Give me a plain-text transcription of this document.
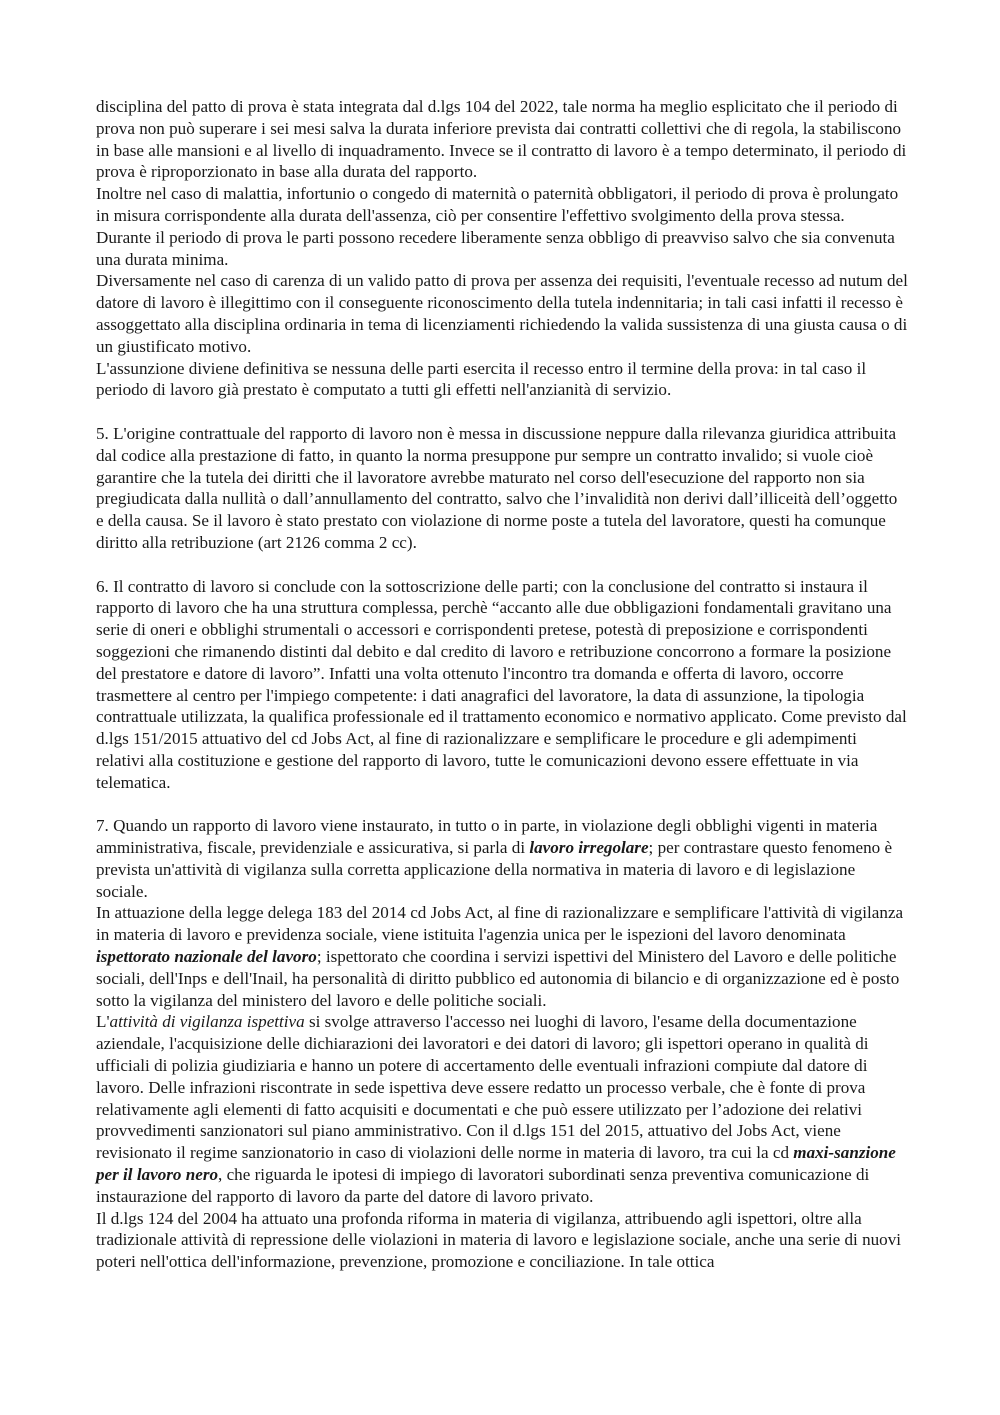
disciplina del patto di prova è stata integrata dal d.lgs 104 del 2022, tale norma ha meglio esplicitato che il periodo di prova non può superare i sei mesi salva la durata inferiore prevista dai contratti collettivi che di regola, la stabiliscono in base alle mansioni e al livello di inquadramento. Invece se il contratto di lavoro è a tempo determinato, il periodo di prova è riproporzionato in base alla durata del rapporto.

Inoltre nel caso di malattia, infortunio o congedo di maternità o paternità obbligatori, il periodo di prova è prolungato in misura corrispondente alla durata dell'assenza, ciò per consentire l'effettivo svolgimento della prova stessa.

Durante il periodo di prova le parti possono recedere liberamente senza obbligo di preavviso salvo che sia convenuta una durata minima.

Diversamente nel caso di carenza di un valido patto di prova per assenza dei requisiti, l'eventuale recesso ad nutum del datore di lavoro è illegittimo con il conseguente riconoscimento della tutela indennitaria; in tali casi infatti il recesso è assoggettato alla disciplina ordinaria in tema di licenziamenti richiedendo la valida sussistenza di una giusta causa o di un giustificato motivo.

L'assunzione diviene definitiva se nessuna delle parti esercita il recesso entro il termine della prova: in tal caso il periodo di lavoro già prestato è computato a tutti gli effetti nell'anzianità di servizio.

5. L'origine contrattuale del rapporto di lavoro non è messa in discussione neppure dalla rilevanza giuridica attribuita dal codice alla prestazione di fatto, in quanto la norma presuppone pur sempre un contratto invalido; si vuole cioè garantire che la tutela dei diritti che il lavoratore avrebbe maturato nel corso dell'esecuzione del rapporto non sia pregiudicata dalla nullità o dall’annullamento del contratto, salvo che l’invalidità non derivi dall’illiceità dell’oggetto e della causa. Se il lavoro è stato prestato con violazione di norme poste a tutela del lavoratore, questi ha comunque diritto alla retribuzione (art 2126 comma 2 cc).

6. Il contratto di lavoro si conclude con la sottoscrizione delle parti; con la conclusione del contratto si instaura il rapporto di lavoro che ha una struttura complessa, perchè “accanto alle due obbligazioni fondamentali gravitano una serie di oneri e obblighi strumentali o accessori e corrispondenti pretese, potestà di preposizione e corrispondenti soggezioni che rimanendo distinti dal debito e dal credito di lavoro e retribuzione concorrono a formare la posizione del prestatore e datore di lavoro”. Infatti una volta ottenuto l'incontro tra domanda e offerta di lavoro, occorre trasmettere al centro per l'impiego competente: i dati anagrafici del lavoratore, la data di assunzione, la tipologia contrattuale utilizzata, la qualifica professionale ed il trattamento economico e normativo applicato. Come previsto dal d.lgs 151/2015 attuativo del cd Jobs Act, al fine di razionalizzare e semplificare le procedure e gli adempimenti relativi alla costituzione e gestione del rapporto di lavoro, tutte le comunicazioni devono essere effettuate in via telematica.

7. Quando un rapporto di lavoro viene instaurato, in tutto o in parte, in violazione degli obblighi vigenti in materia amministrativa, fiscale, previdenziale e assicurativa, si parla di lavoro irregolare; per contrastare questo fenomeno è prevista un'attività di vigilanza sulla corretta applicazione della normativa in materia di lavoro e di legislazione sociale.

In attuazione della legge delega 183 del 2014 cd Jobs Act, al fine di razionalizzare e semplificare l'attività di vigilanza in materia di lavoro e previdenza sociale, viene istituita l'agenzia unica per le ispezioni del lavoro denominata ispettorato nazionale del lavoro; ispettorato che coordina i servizi ispettivi del Ministero del Lavoro e delle politiche sociali, dell'Inps e dell'Inail, ha personalità di diritto pubblico ed autonomia di bilancio e di organizzazione ed è posto sotto la vigilanza del ministero del lavoro e delle politiche sociali.

L'attività di vigilanza ispettiva si svolge attraverso l'accesso nei luoghi di lavoro, l'esame della documentazione aziendale, l'acquisizione delle dichiarazioni dei lavoratori e dei datori di lavoro; gli ispettori operano in qualità di ufficiali di polizia giudiziaria e hanno un potere di accertamento delle eventuali infrazioni compiute dal datore di lavoro. Delle infrazioni riscontrate in sede ispettiva deve essere redatto un processo verbale, che è fonte di prova relativamente agli elementi di fatto acquisiti e documentati e che può essere utilizzato per l’adozione dei relativi provvedimenti sanzionatori sul piano amministrativo. Con il d.lgs 151 del 2015, attuativo del Jobs Act, viene revisionato il regime sanzionatorio in caso di violazioni delle norme in materia di lavoro, tra cui la cd maxi-sanzione per il lavoro nero, che riguarda le ipotesi di impiego di lavoratori subordinati senza preventiva comunicazione di instaurazione del rapporto di lavoro da parte del datore di lavoro privato.

Il d.lgs 124 del 2004 ha attuato una profonda riforma in materia di vigilanza, attribuendo agli ispettori, oltre alla tradizionale attività di repressione delle violazioni in materia di lavoro e legislazione sociale, anche una serie di nuovi poteri nell'ottica dell'informazione, prevenzione, promozione e conciliazione. In tale ottica
